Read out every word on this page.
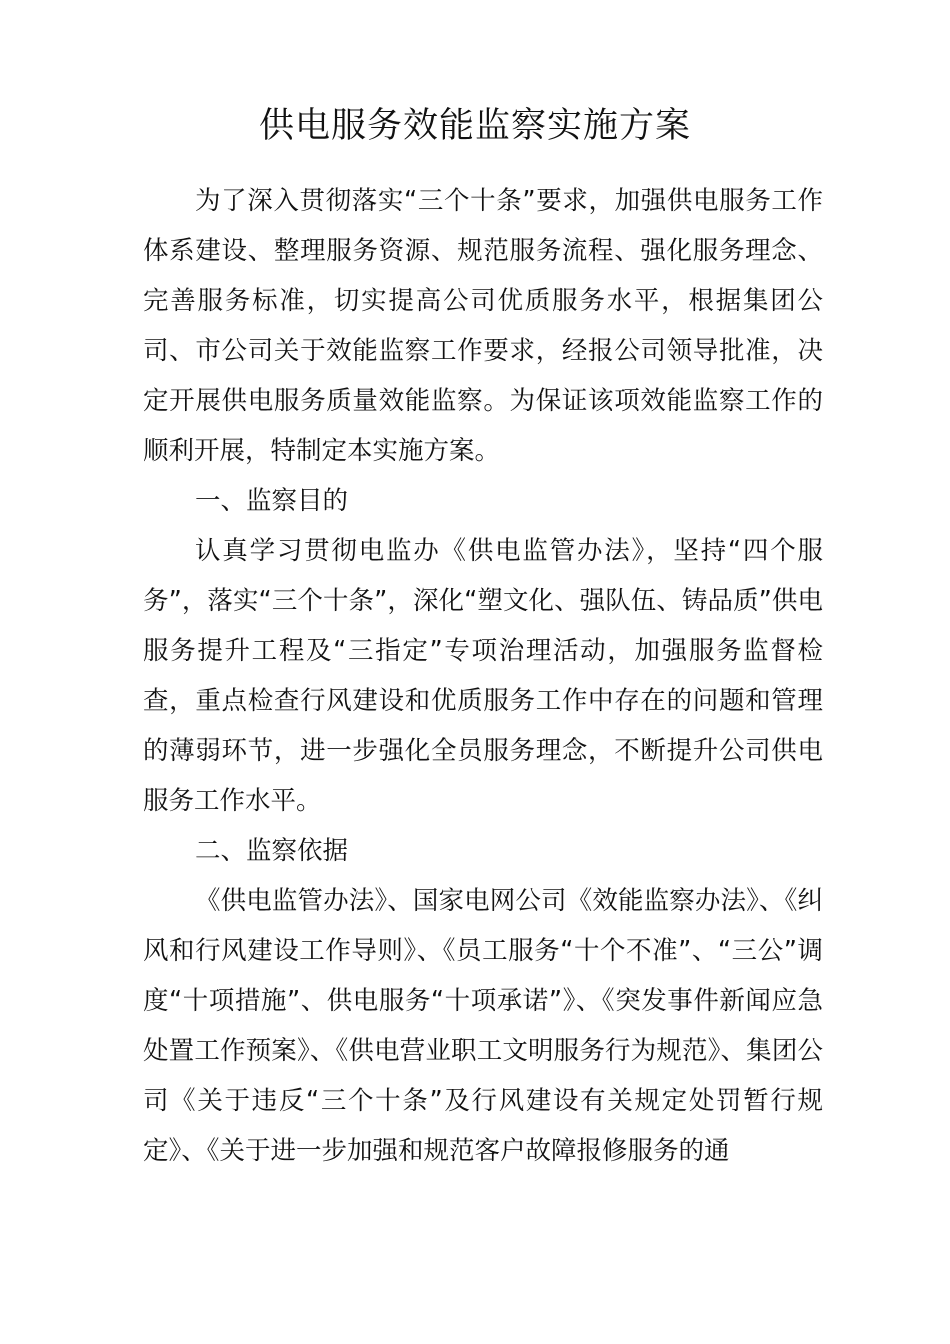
供电服务效能监察实施方案

为了深入贯彻落实“三个十条”要求，加强供电服务工作体系建设、整理服务资源、规范服务流程、强化服务理念、完善服务标准，切实提高公司优质服务水平，根据集团公司、市公司关于效能监察工作要求，经报公司领导批准，决定开展供电服务质量效能监察。为保证该项效能监察工作的顺利开展，特制定本实施方案。

一、监察目的

认真学习贯彻电监办《供电监管办法》，坚持“四个服务”，落实“三个十条”，深化“塑文化、强队伍、铸品质”供电服务提升工程及“三指定”专项治理活动，加强服务监督检查，重点检查行风建设和优质服务工作中存在的问题和管理的薄弱环节，进一步强化全员服务理念，不断提升公司供电服务工作水平。

二、监察依据

《供电监管办法》、国家电网公司《效能监察办法》、《纠风和行风建设工作导则》、《员工服务“十个不准”、“三公”调度“十项措施”、供电服务“十项承诺”》、《突发事件新闻应急处置工作预案》、《供电营业职工文明服务行为规范》、集团公司《关于违反“三个十条”及行风建设有关规定处罚暂行规定》、《关于进一步加强和规范客户故障报修服务的通
